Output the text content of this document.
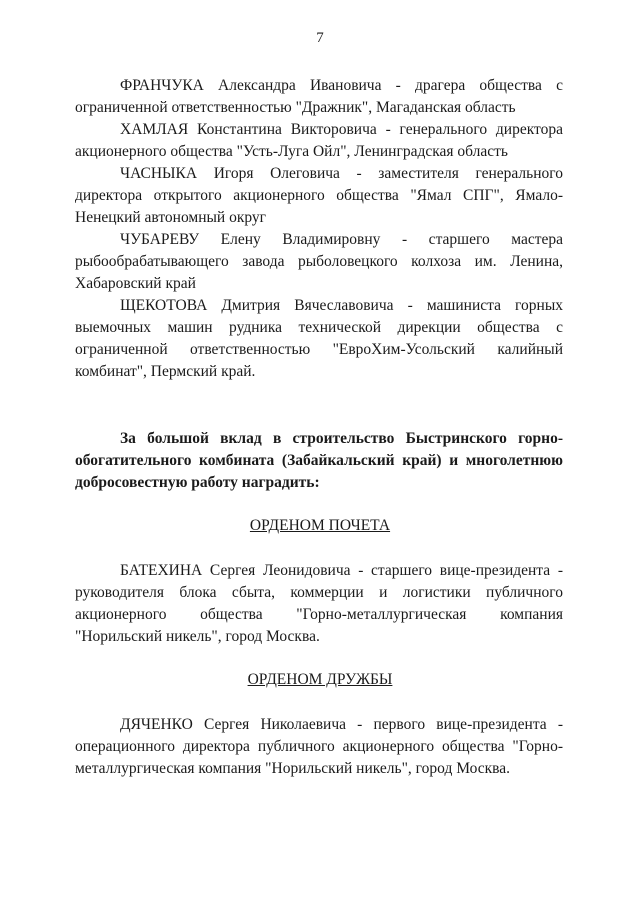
7

ФРАНЧУКА Александра Ивановича - драгера общества с ограниченной ответственностью "Дражник", Магаданская область

ХАМЛАЯ Константина Викторовича - генерального директора акционерного общества "Усть-Луга Ойл", Ленинградская область

ЧАСНЫКА Игоря Олеговича - заместителя генерального директора открытого акционерного общества "Ямал СПГ", Ямало-Ненецкий автономный округ

ЧУБАРЕВУ Елену Владимировну - старшего мастера рыбообрабатывающего завода рыболовецкого колхоза им. Ленина, Хабаровский край

ЩЕКОТОВА Дмитрия Вячеславовича - машиниста горных выемочных машин рудника технической дирекции общества с ограниченной ответственностью "ЕвроХим-Усольский калийный комбинат", Пермский край.

За большой вклад в строительство Быстринского горно-обогатительного комбината (Забайкальский край) и многолетнюю добросовестную работу наградить:

ОРДЕНОМ ПОЧЕТА

БАТЕХИНА Сергея Леонидовича - старшего вице-президента - руководителя блока сбыта, коммерции и логистики публичного акционерного общества "Горно-металлургическая компания "Норильский никель", город Москва.

ОРДЕНОМ ДРУЖБЫ

ДЯЧЕНКО Сергея Николаевича - первого вице-президента - операционного директора публичного акционерного общества "Горно-металлургическая компания "Норильский никель", город Москва.
